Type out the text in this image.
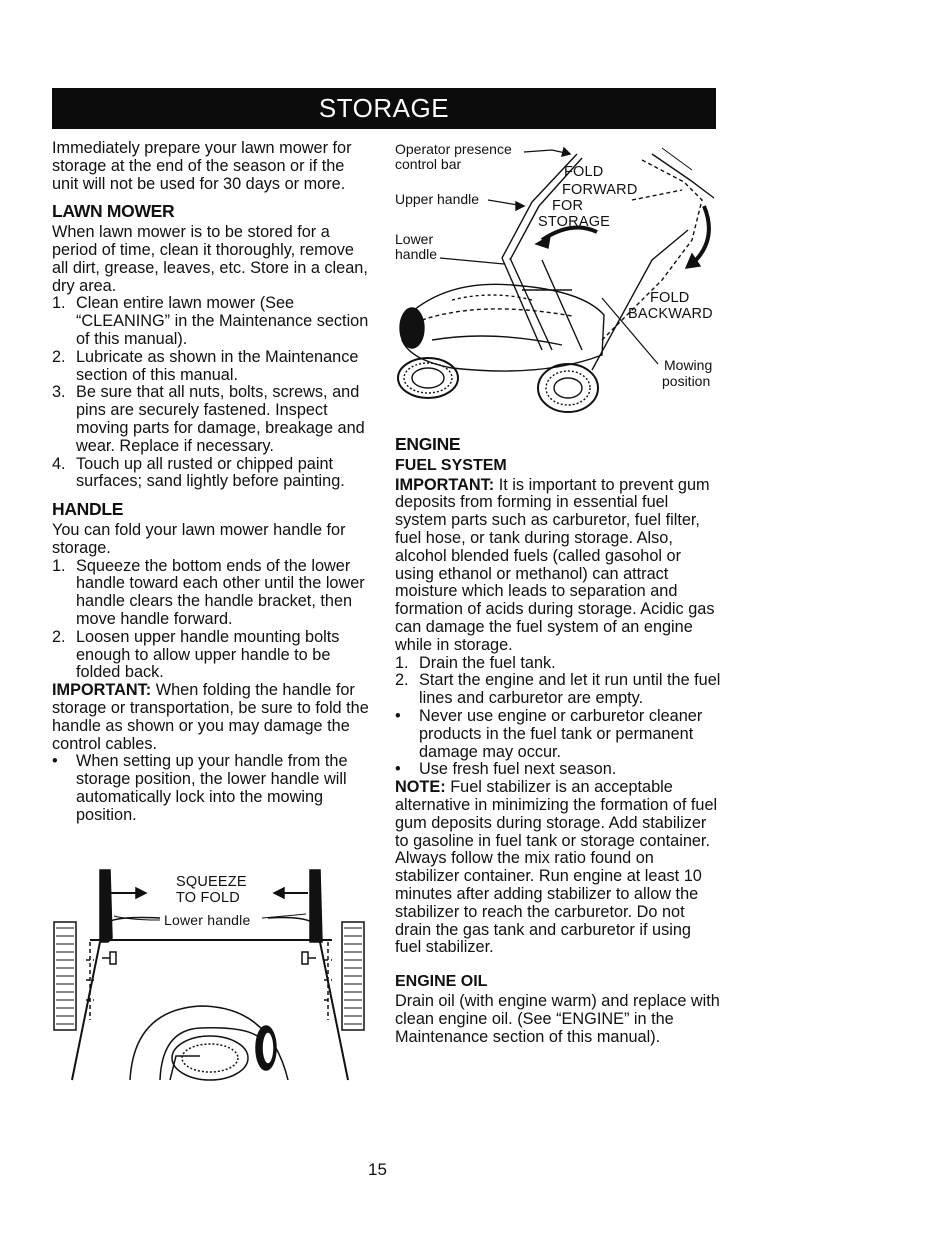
STORAGE

Immediately prepare your lawn mower for storage at the end of the season or if the unit will not be used for 30 days or more.

LAWN MOWER

When lawn mower is to be stored for a period of time, clean it thoroughly, remove all dirt, grease, leaves, etc. Store in a clean, dry area.

1. Clean entire lawn mower (See “CLEANING” in the Maintenance section of this manual).
2. Lubricate as shown in the Maintenance section of this manual.
3. Be sure that all nuts, bolts, screws, and pins are securely fastened. Inspect moving parts for damage, breakage and wear. Replace if necessary.
4. Touch up all rusted or chipped paint surfaces; sand lightly before painting.
HANDLE

You can fold your lawn mower handle for storage.

1. Squeeze the bottom ends of the lower handle toward each other until the lower handle clears the handle bracket, then move handle forward.
2. Loosen upper handle mounting bolts enough to allow upper handle to be folded back.

IMPORTANT: When folding the handle for storage or transportation, be sure to fold the handle as shown or you may damage the control cables.

• When setting up your handle from the storage position, the lower handle will automatically lock into the mowing position.
SQUEEZE
TO FOLD
Lower handle
Operator presence
control bar
Upper handle
Lower
handle
FOLD
FORWARD
FOR
STORAGE
FOLD
BACKWARD
Mowing
position
ENGINE
FUEL SYSTEM

IMPORTANT: It is important to prevent gum deposits from forming in essential fuel system parts such as carburetor, fuel filter, fuel hose, or tank during storage. Also, alcohol blended fuels (called gasohol or using ethanol or methanol) can attract moisture which leads to separation and formation of acids during storage. Acidic gas can damage the fuel system of an engine while in storage.

1. Drain the fuel tank.
2. Start the engine and let it run until the fuel lines and carburetor are empty.
• Never use engine or carburetor cleaner products in the fuel tank or permanent damage may occur.
• Use fresh fuel next season.

NOTE: Fuel stabilizer is an acceptable alternative in minimizing the formation of fuel gum deposits during storage. Add stabilizer to gasoline in fuel tank or storage container. Always follow the mix ratio found on stabilizer container. Run engine at least 10 minutes after adding stabilizer to allow the stabilizer to reach the carburetor. Do not drain the gas tank and carburetor if using fuel stabilizer.

ENGINE OIL

Drain oil (with engine warm) and replace with clean engine oil. (See “ENGINE” in the Maintenance section of this manual).

15
